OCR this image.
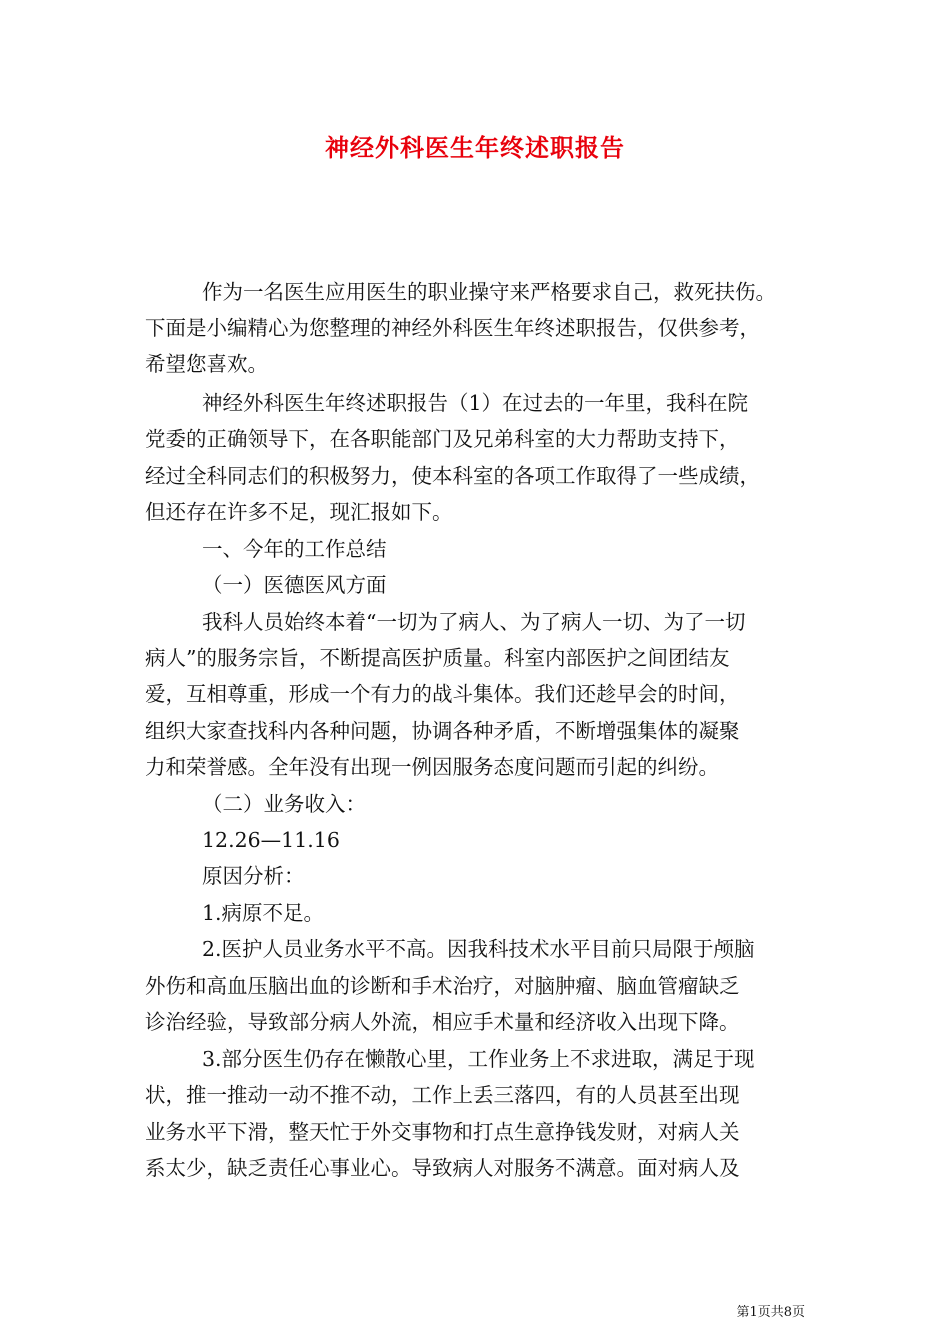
神经外科医生年终述职报告
作为一名医生应用医生的职业操守来严格要求自己，救死扶伤。
下面是小编精心为您整理的神经外科医生年终述职报告，仅供参考，
希望您喜欢。
神经外科医生年终述职报告（1）在过去的一年里，我科在院
党委的正确领导下，在各职能部门及兄弟科室的大力帮助支持下，
经过全科同志们的积极努力，使本科室的各项工作取得了一些成绩，
但还存在许多不足，现汇报如下。
一、今年的工作总结
（一）医德医风方面
我科人员始终本着“一切为了病人、为了病人一切、为了一切
病人”的服务宗旨，不断提高医护质量。科室内部医护之间团结友
爱，互相尊重，形成一个有力的战斗集体。我们还趁早会的时间，
组织大家查找科内各种问题，协调各种矛盾，不断增强集体的凝聚
力和荣誉感。全年没有出现一例因服务态度问题而引起的纠纷。
（二）业务收入：
12.26—11.16
原因分析：
1.病原不足。
2.医护人员业务水平不高。因我科技术水平目前只局限于颅脑
外伤和高血压脑出血的诊断和手术治疗，对脑肿瘤、脑血管瘤缺乏
诊治经验，导致部分病人外流，相应手术量和经济收入出现下降。
3.部分医生仍存在懒散心里，工作业务上不求进取，满足于现
状，推一推动一动不推不动，工作上丢三落四，有的人员甚至出现
业务水平下滑，整天忙于外交事物和打点生意挣钱发财，对病人关
系太少，缺乏责任心事业心。导致病人对服务不满意。面对病人及
第1页共8页
